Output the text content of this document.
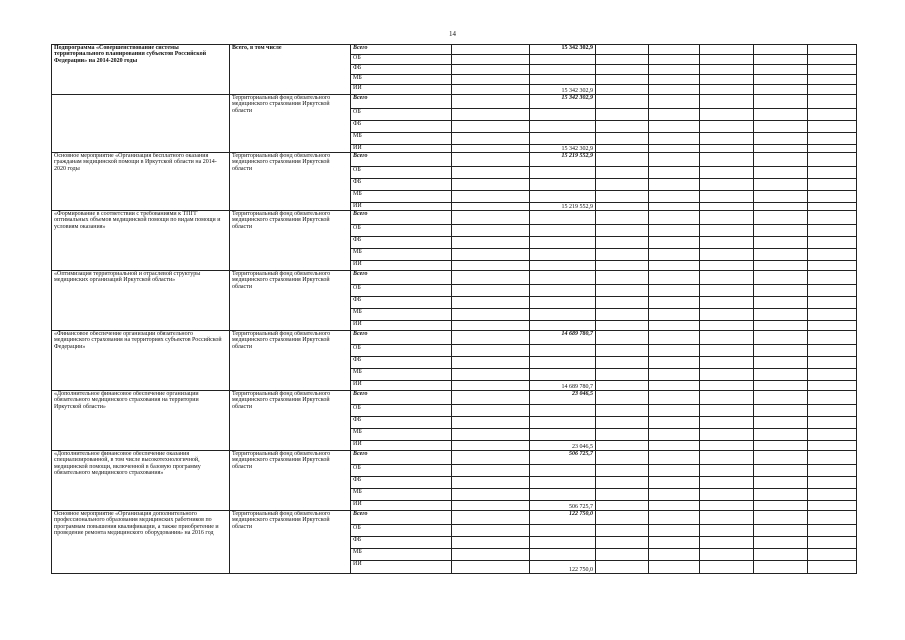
14
Подпрограмма «Совершенствование системы территориального планирования субъектов Российской Федерации» на 2014-2020 годы	Всего, в том числе	Всего		15 342 302,9					
		ОБ							
		ФБ							
		МБ							
		ИИ		15 342 302,9					
	Территориальный фонд обязательного медицинского страхования Иркутской области	Всего		15 342 302,9					
		ОБ							
		ФБ							
		МБ							
		ИИ		15 342 302,9					
Основное мероприятие «Организация бесплатного оказания гражданам медицинской помощи в Иркутской области на 2014-2020 годы	Территориальный фонд обязательного медицинского страхования Иркутской области	Всего		15 219 552,9					
		ОБ							
		ФБ							
		МБ							
		ИИ		15 219 552,9					
«Формирование в соответствии с требованиями к ТПГГ оптимальных объемов медицинской помощи по видам помощи и условиям оказания»	Территориальный фонд обязательного медицинского страхования Иркутской области	Всего							
		ОБ							
		ФБ							
		МБ							
		ИИ							
«Оптимизация территориальной и отраслевой структуры медицинских организаций Иркутской области»	Территориальный фонд обязательного медицинского страхования Иркутской области	Всего							
		ОБ							
		ФБ							
		МБ							
		ИИ							
«Финансовое обеспечение организации обязательного медицинского страхования на территориях субъектов Российской Федерации»	Территориальный фонд обязательного медицинского страхования Иркутской области	Всего		14 689 780,7					
		ОБ							
		ФБ							
		МБ							
		ИИ		14 689 780,7					
«Дополнительное финансовое обеспечение организации обязательного медицинского страхования на территории Иркутской области»	Территориальный фонд обязательного медицинского страхования Иркутской области	Всего		23 046,5					
		ОБ							
		ФБ							
		МБ							
		ИИ		23 046,5					
«Дополнительное финансовое обеспечение оказания специализированной, в том числе высокотехнологичной, медицинской помощи, включенной в базовую программу обязательного медицинского страхования»	Территориальный фонд обязательного медицинского страхования Иркутской области	Всего		506 725,7					
		ОБ							
		ФБ							
		МБ							
		ИИ		506 725,7					
Основное мероприятие «Организация дополнительного профессионального образования медицинских работников по программам повышения квалификации, а также приобретение и проведение ремонта медицинского оборудования» на 2016 год	Территориальный фонд обязательного медицинского страхования Иркутской области	Всего		122 750,0					
		ОБ							
		ФБ							
		МБ							
		ИИ		122 750,0					
